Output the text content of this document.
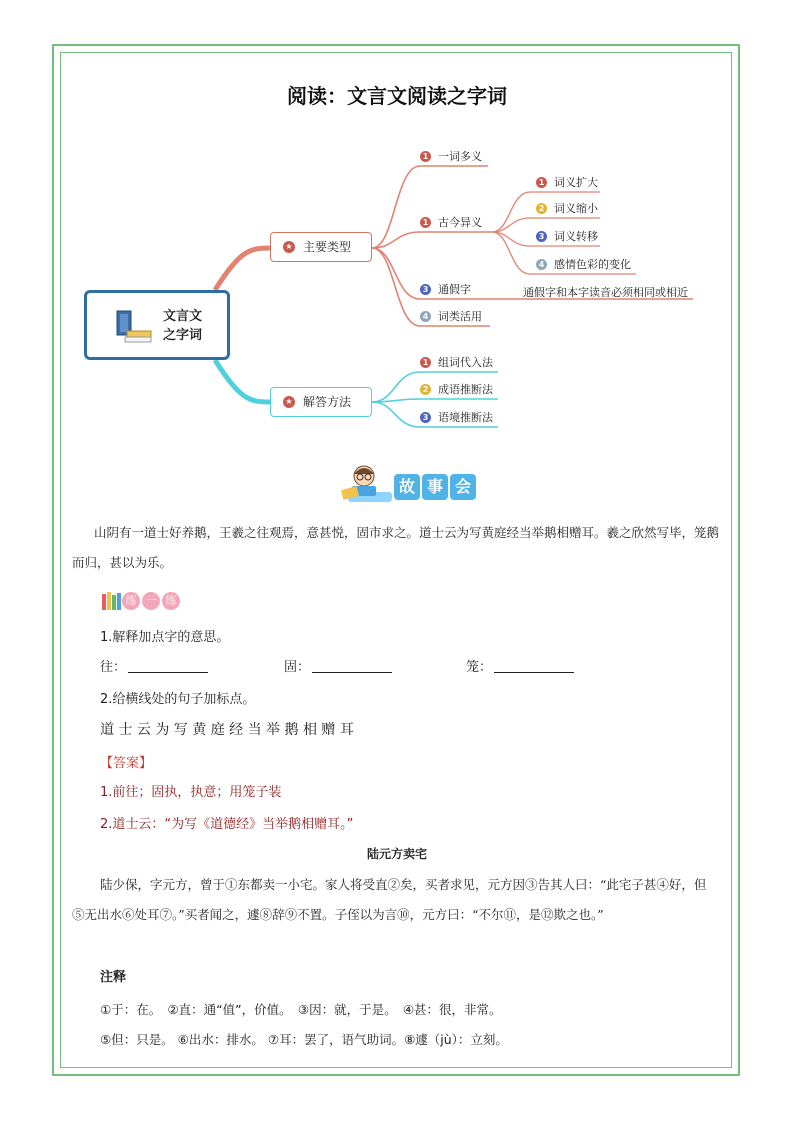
阅读：文言文阅读之字词
文言文
之字词
★ 主要类型
★ 解答方法
1 一词多义
1 古今异义
3 通假字	通假字和本字读音必须相同或相近
4 词类活用
1 词义扩大
2 词义缩小
3 词义转移
4 感情色彩的变化
1 组词代入法
2 成语推断法
3 语境推断法
故 事 会
山阴有一道士好养鹅，王羲之往观焉，意甚悦，固市求之。道士云为写黄庭经当举鹅相赠耳。羲之欣然写毕，笼鹅而归，甚以为乐。
练 一 练
1.解释加点字的意思。
往：	固：	笼：
2.给横线处的句子加标点。
道 士 云 为 写 黄 庭 经 当 举 鹅 相 赠 耳
【答案】
1.前往；固执，执意；用笼子装
2.道士云：“为写《道德经》当举鹅相赠耳。”
陆元方卖宅
陆少保，字元方，曾于①东都卖一小宅。家人将受直②矣，买者求见，元方因③告其人曰：“此宅子甚④好，但⑤无出水⑥处耳⑦。”买者闻之，遽⑧辞⑨不置。子侄以为言⑩，元方曰：“不尔⑪，是⑫欺之也。”
注释
①于：在。　②直：通“值”，价值。　③因：就，于是。　④甚：很，非常。
⑤但：只是。 ⑥出水：排水。 ⑦耳：罢了，语气助词。⑧遽（jù）：立刻。
